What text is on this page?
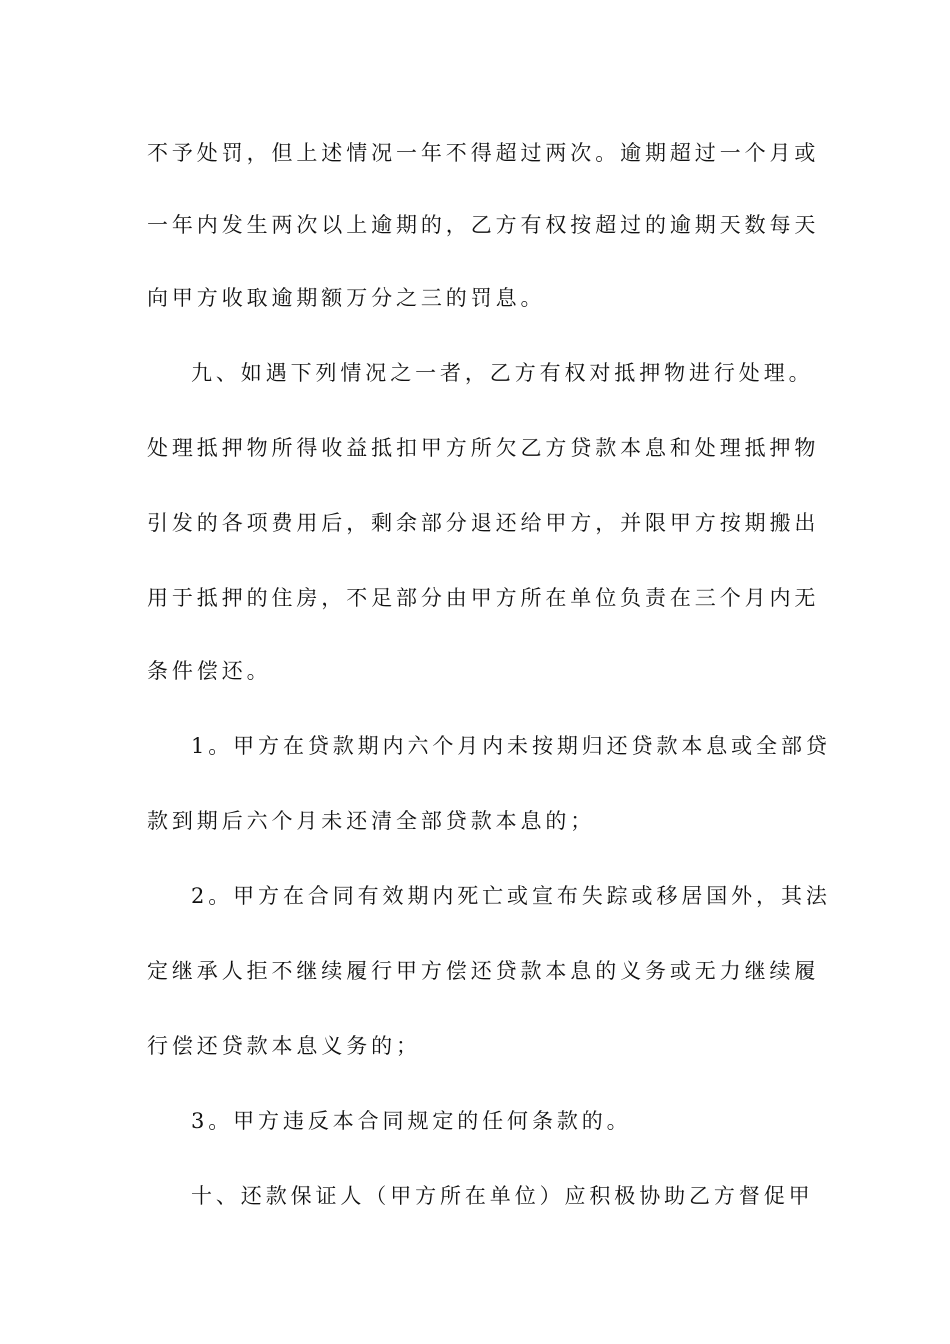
不予处罚，但上述情况一年不得超过两次。逾期超过一个月或
一年内发生两次以上逾期的，乙方有权按超过的逾期天数每天
向甲方收取逾期额万分之三的罚息。
九、如遇下列情况之一者，乙方有权对抵押物进行处理。
处理抵押物所得收益抵扣甲方所欠乙方贷款本息和处理抵押物
引发的各项费用后，剩余部分退还给甲方，并限甲方按期搬出
用于抵押的住房，不足部分由甲方所在单位负责在三个月内无
条件偿还。
1。甲方在贷款期内六个月内未按期归还贷款本息或全部贷
款到期后六个月未还清全部贷款本息的；
2。甲方在合同有效期内死亡或宣布失踪或移居国外，其法
定继承人拒不继续履行甲方偿还贷款本息的义务或无力继续履
行偿还贷款本息义务的；
3。甲方违反本合同规定的任何条款的。
十、还款保证人（甲方所在单位）应积极协助乙方督促甲
